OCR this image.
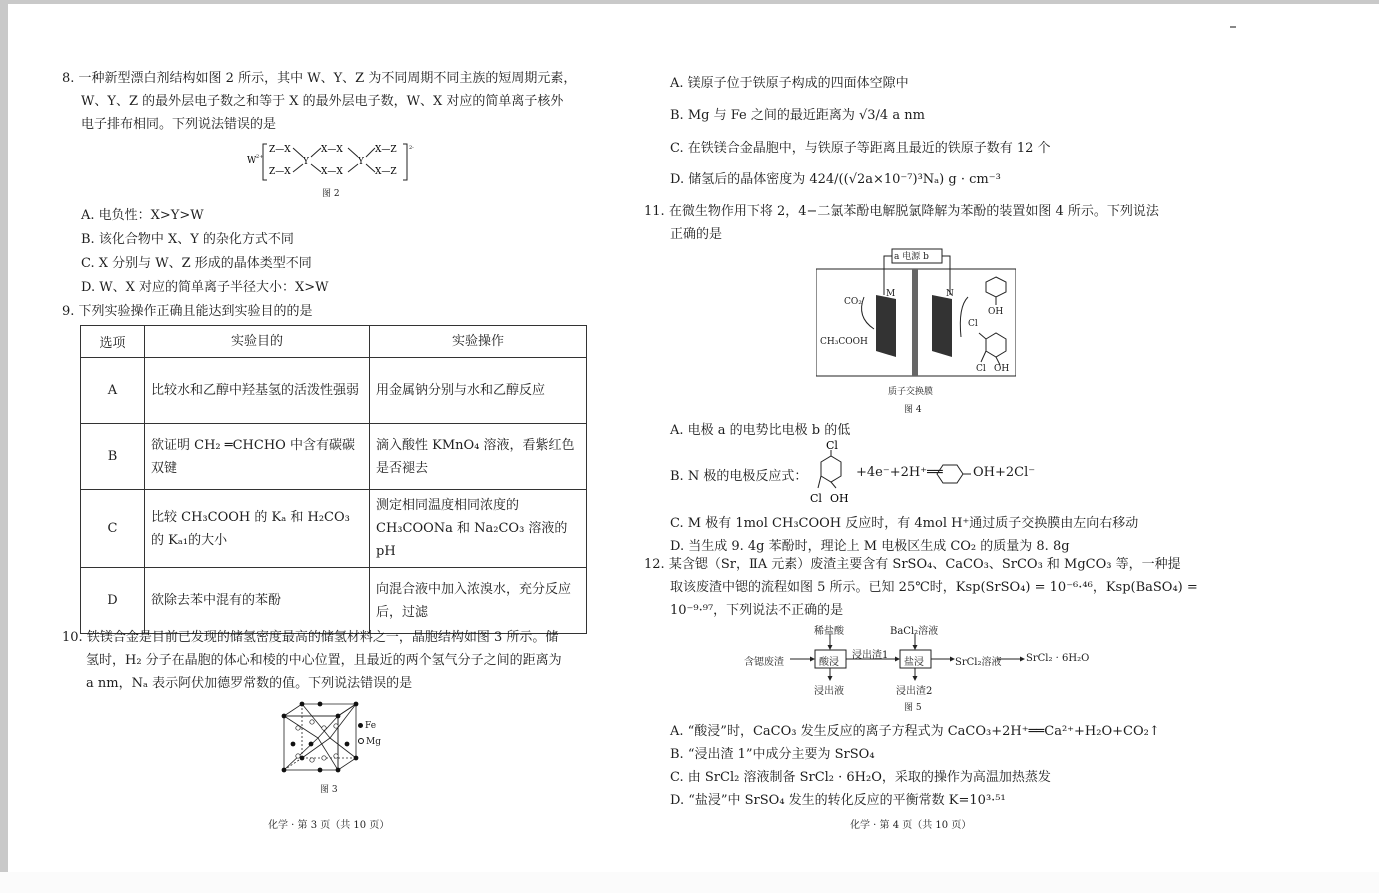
8. 一种新型漂白剂结构如图 2 所示，其中 W、Y、Z 为不同周期不同主族的短周期元素，
W、Y、Z 的最外层电子数之和等于 X 的最外层电子数，W、X 对应的简单离子核外
电子排布相同。下列说法错误的是
W 2+
Z—X
Z—X
Y
X—X
X—X
Y
X—Z
X—Z
2-
图 2
A. 电负性：X>Y>W
B. 该化合物中 X、Y 的杂化方式不同
C. X 分别与 W、Z 形成的晶体类型不同
D. W、X 对应的简单离子半径大小：X>W
9. 下列实验操作正确且能达到实验目的的是
选项	实验目的	实验操作
A	比较水和乙醇中羟基氢的活泼性强弱	用金属钠分别与水和乙醇反应
B	欲证明 CH₂ ═CHCHO 中含有碳碳双键	滴入酸性 KMnO₄ 溶液，看紫红色是否褪去
C	比较 CH₃COOH 的 Kₐ 和 H₂CO₃ 的 Kₐ₁的大小	测定相同温度相同浓度的 CH₃COONa 和 Na₂CO₃ 溶液的 pH
D	欲除去苯中混有的苯酚	向混合液中加入浓溴水，充分反应后，过滤
10. 铁镁合金是目前已发现的储氢密度最高的储氢材料之一，晶胞结构如图 3 所示。储
氢时，H₂ 分子在晶胞的体心和棱的中心位置，且最近的两个氢气分子之间的距离为
a nm，Nₐ 表示阿伏加德罗常数的值。下列说法错误的是
Fe
Mg
图 3
化学 · 第 3 页（共 10 页）
A. 镁原子位于铁原子构成的四面体空隙中
B. Mg 与 Fe 之间的最近距离为 √3/4 a nm
C. 在铁镁合金晶胞中，与铁原子等距离且最近的铁原子数有 12 个
D. 储氢后的晶体密度为 424/((√2a×10⁻⁷)³Nₐ) g · cm⁻³
11. 在微生物作用下将 2，4−二氯苯酚电解脱氯降解为苯酚的装置如图 4 所示。下列说法
正确的是
a 电源 b
M	N
CO₂
CH₃COOH
OH
Cl
Cl OH
质子交换膜
图 4
A. 电极 a 的电势比电极 b 的低
B. N 极的电极反应式：
Cl
Cl OH
+4e⁻+2H⁺══ OH+2Cl⁻
C. M 极有 1mol CH₃COOH 反应时，有 4mol H⁺通过质子交换膜由左向右移动
D. 当生成 9. 4g 苯酚时，理论上 M 电极区生成 CO₂ 的质量为 8. 8g
12. 某含锶（Sr，ⅡA 元素）废渣主要含有 SrSO₄、CaCO₃、SrCO₃ 和 MgCO₃ 等，一种提
取该废渣中锶的流程如图 5 所示。已知 25℃时，Ksp(SrSO₄) = 10⁻⁶·⁴⁶，Ksp(BaSO₄) =
10⁻⁹·⁹⁷，下列说法不正确的是
含锶废渣
稀盐酸
酸浸
浸出液
浸出渣1
BaCl₂溶液
盐浸
浸出渣2
SrCl₂溶液 SrCl₂ · 6H₂O
图 5
A. “酸浸”时，CaCO₃ 发生反应的离子方程式为 CaCO₃+2H⁺══Ca²⁺+H₂O+CO₂↑
B. “浸出渣 1”中成分主要为 SrSO₄
C. 由 SrCl₂ 溶液制备 SrCl₂ · 6H₂O，采取的操作为高温加热蒸发
D. “盐浸”中 SrSO₄ 发生的转化反应的平衡常数 K=10³·⁵¹
化学 · 第 4 页（共 10 页）
